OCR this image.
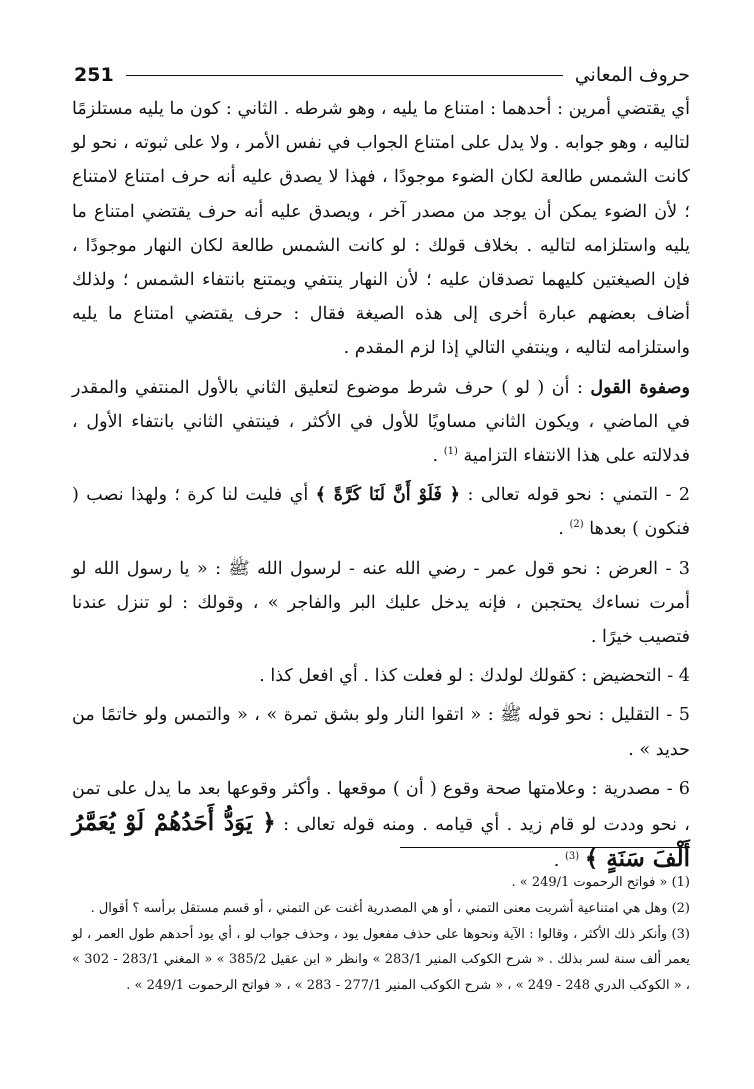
حروف المعاني
251

أي يقتضي أمرين : أحدهما : امتناع ما يليه ، وهو شرطه . الثاني : كون ما يليه مستلزمًا لتاليه ، وهو جوابه . ولا يدل على امتناع الجواب في نفس الأمر ، ولا على ثبوته ، نحو لو كانت الشمس طالعة لكان الضوء موجودًا ، فهذا لا يصدق عليه أنه حرف امتناع لامتناع ؛ لأن الضوء يمكن أن يوجد من مصدر آخر ، ويصدق عليه أنه حرف يقتضي امتناع ما يليه واستلزامه لتاليه . بخلاف قولك : لو كانت الشمس طالعة لكان النهار موجودًا ، فإن الصيغتين كليهما تصدقان عليه ؛ لأن النهار ينتفي ويمتنع بانتفاء الشمس ؛ ولذلك أضاف بعضهم عبارة أخرى إلى هذه الصيغة فقال : حرف يقتضي امتناع ما يليه واستلزامه لتاليه ، وينتفي التالي إذا لزم المقدم .

وصفوة القول : أن ( لو ) حرف شرط موضوع لتعليق الثاني بالأول المنتفي والمقدر في الماضي ، ويكون الثاني مساويًا للأول في الأكثر ، فينتفي الثاني بانتفاء الأول ، فدلالته على هذا الانتفاء التزامية $^{(1)}$ .

2 - التمني : نحو قوله تعالى : ﴿ فَلَوْ أَنَّ لَنَا كَرَّةً ﴾ أي فليت لنا كرة ؛ ولهذا نصب ( فنكون ) بعدها $^{(2)}$ .

3 - العرض : نحو قول عمر - رضي الله عنه - لرسول الله ﷺ : « يا رسول الله لو أمرت نساءك يحتجبن ، فإنه يدخل عليك البر والفاجر » ، وقولك : لو تنزل عندنا فتصيب خيرًا .

4 - التحضيض : كقولك لولدك : لو فعلت كذا . أي افعل كذا .

5 - التقليل : نحو قوله ﷺ : « اتقوا النار ولو بشق تمرة » ، « والتمس ولو خاتمًا من حديد » .

6 - مصدرية : وعلامتها صحة وقوع ( أن ) موقعها . وأكثر وقوعها بعد ما يدل على تمن ، نحو وددت لو قام زيد . أي قيامه . ومنه قوله تعالى : ﴿ يَوَدُّ أَحَدُهُمْ لَوْ يُعَمَّرُ أَلْفَ سَنَةٍ ﴾ $^{(3)}$ .

(1) « فواتح الرحموت 249/1 » .

(2) وهل هي امتناعية أشربت معنى التمني ، أو هي المصدرية أغنت عن التمني ، أو قسم مستقل برأسه ؟ أقوال .

(3) وأنكر ذلك الأكثر ، وقالوا : الآية ونحوها على حذف مفعول يود ، وحذف جواب لو ، أي يود أحدهم طول العمر ، لو يعمر ألف سنة لسر بذلك . « شرح الكوكب المنير 283/1 » وانظر « ابن عقيل 385/2 » « المغني 283/1 - 302 » ، « الكوكب الدري 248 - 249 » ، « شرح الكوكب المنير 277/1 - 283 » ، « فواتح الرحموت 249/1 » .
